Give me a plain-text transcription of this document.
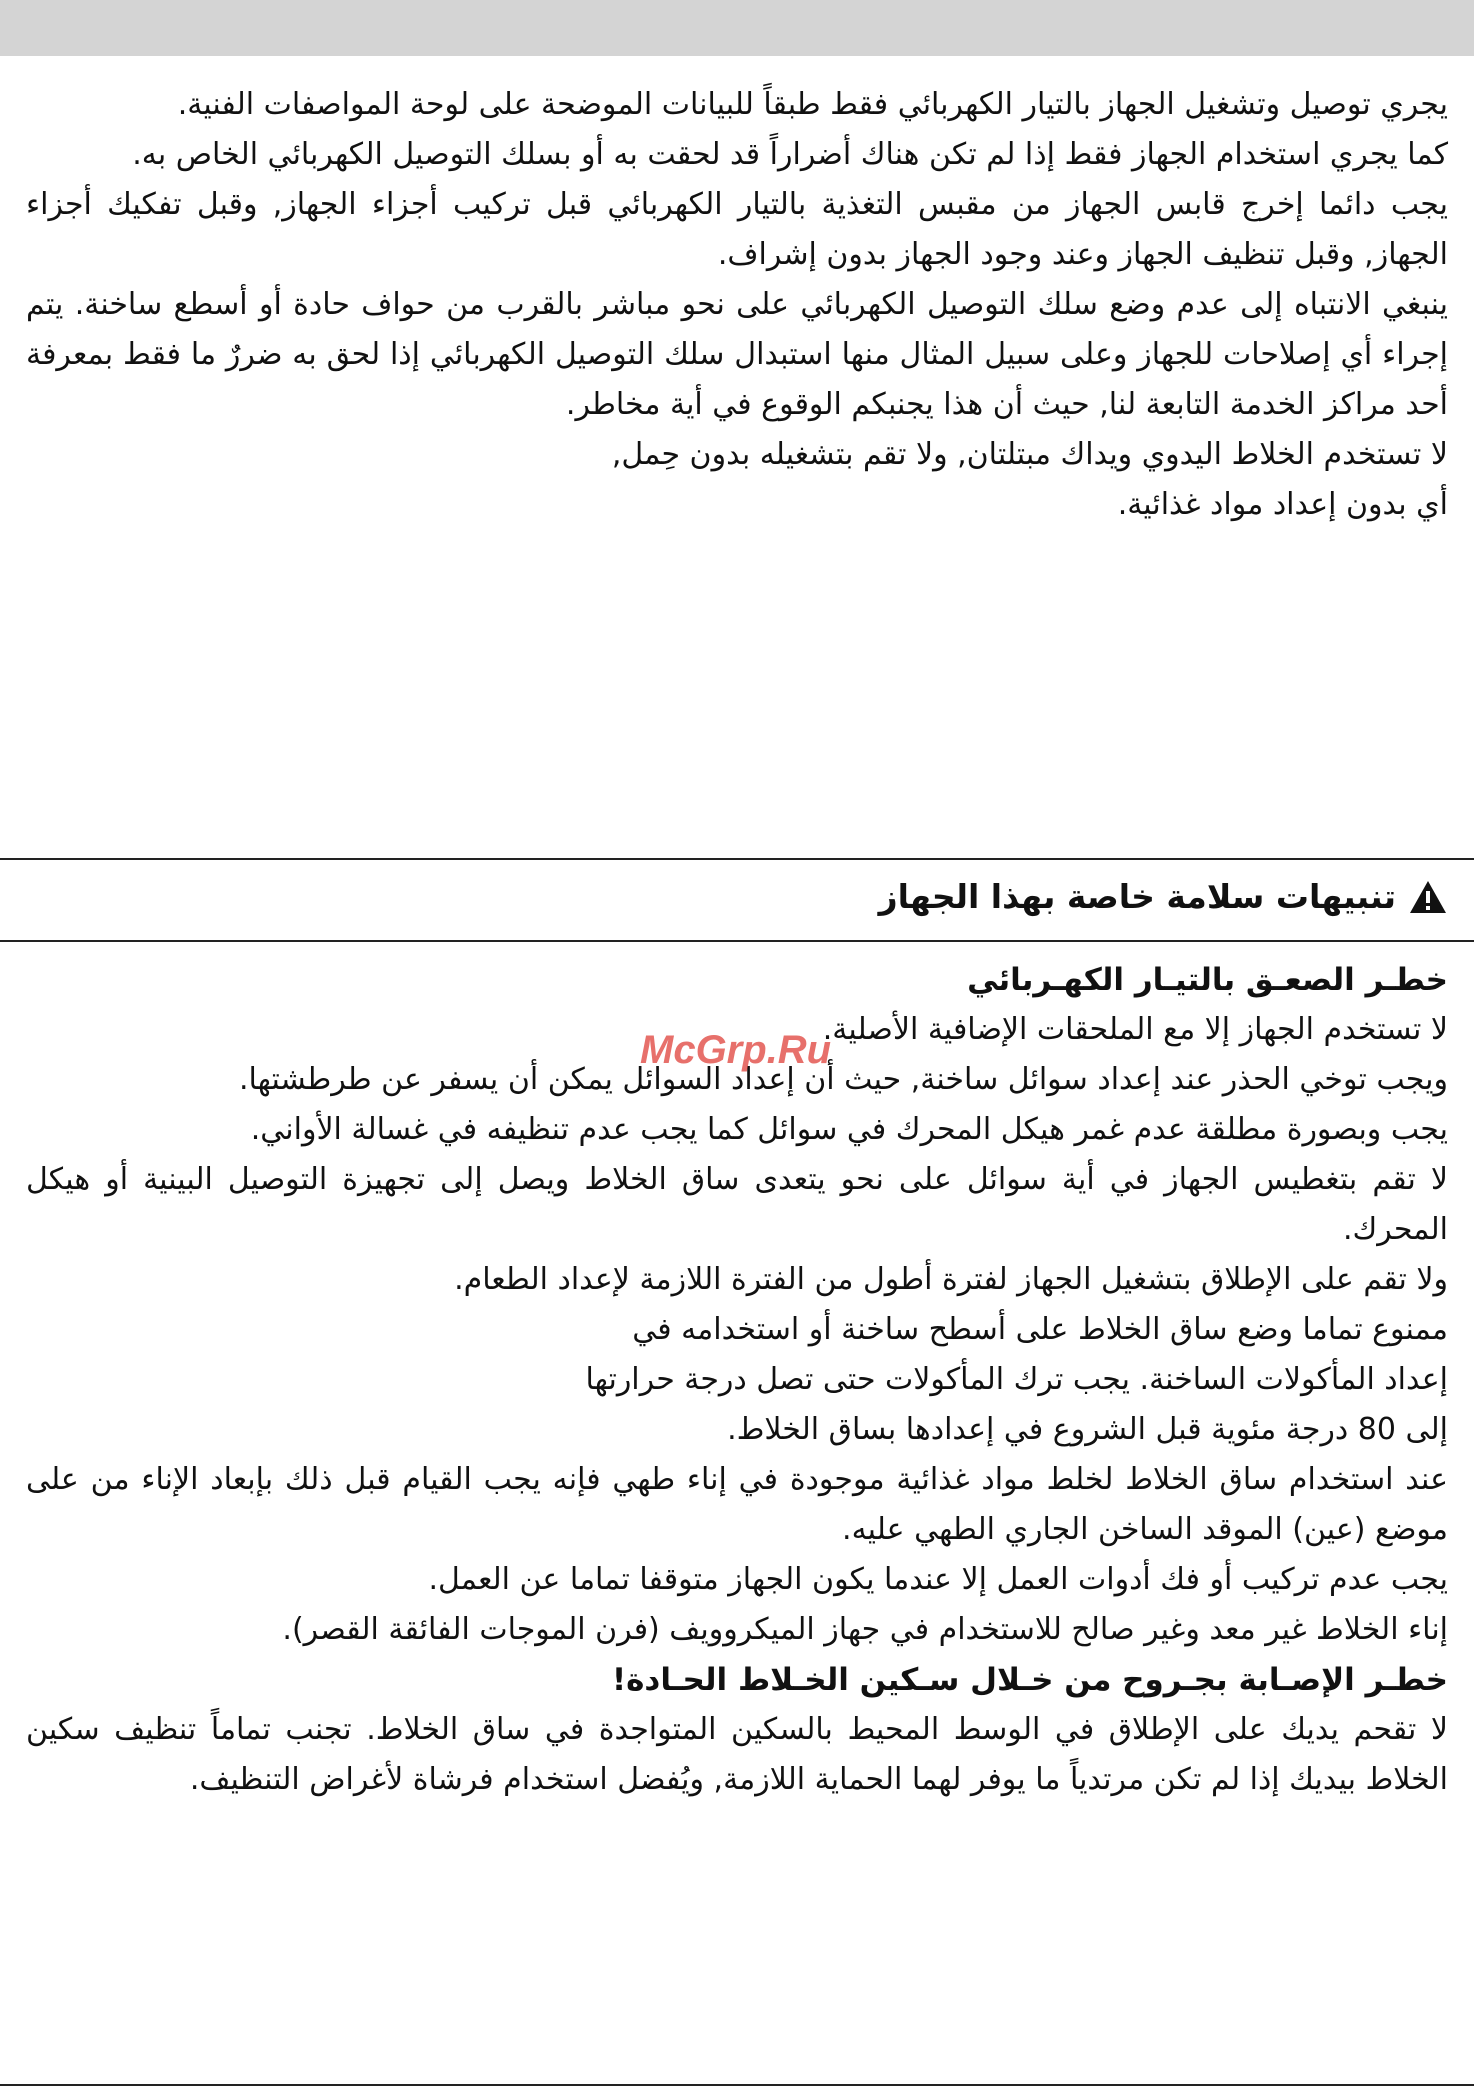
يجري توصيل وتشغيل الجهاز بالتيار الكهربائي فقط طبقاً للبيانات الموضحة على لوحة المواصفات الفنية.

كما يجري استخدام الجهاز فقط إذا لم تكن هناك أضراراً قد لحقت به أو بسلك التوصيل الكهربائي الخاص به.

يجب دائما إخرج قابس الجهاز من مقبس التغذية بالتيار الكهربائي قبل تركيب أجزاء الجهاز, وقبل تفكيك أجزاء الجهاز, وقبل تنظيف الجهاز وعند وجود الجهاز بدون إشراف.

ينبغي الانتباه إلى عدم وضع سلك التوصيل الكهربائي على نحو مباشر بالقرب من حواف حادة أو أسطع ساخنة. يتم إجراء أي إصلاحات للجهاز وعلى سبيل المثال منها استبدال سلك التوصيل الكهربائي إذا لحق به ضررٌ ما فقط بمعرفة أحد مراكز الخدمة التابعة لنا, حيث أن هذا يجنبكم الوقوع في أية مخاطر.

لا تستخدم الخلاط اليدوي ويداك مبتلتان, ولا تقم بتشغيله بدون حِمل,

أي بدون إعداد مواد غذائية.

تنبيهات سلامة خاصة بهذا الجهاز
خطـر الصعـق بالتيـار الكهـربائي

لا تستخدم الجهاز إلا مع الملحقات الإضافية الأصلية.

ويجب توخي الحذر عند إعداد سوائل ساخنة, حيث أن إعداد السوائل يمكن أن يسفر عن طرطشتها.

يجب وبصورة مطلقة عدم غمر هيكل المحرك في سوائل كما يجب عدم تنظيفه في غسالة الأواني.

لا تقم بتغطيس الجهاز في أية سوائل على نحو يتعدى ساق الخلاط ويصل إلى تجهيزة التوصيل البينية أو هيكل المحرك.

ولا تقم على الإطلاق بتشغيل الجهاز لفترة أطول من الفترة اللازمة لإعداد الطعام.

ممنوع تماما وضع ساق الخلاط على أسطح ساخنة أو استخدامه في

إعداد المأكولات الساخنة. يجب ترك المأكولات حتى تصل درجة حرارتها

إلى 80 درجة مئوية قبل الشروع في إعدادها بساق الخلاط.

عند استخدام ساق الخلاط لخلط مواد غذائية موجودة في إناء طهي فإنه يجب القيام قبل ذلك بإبعاد الإناء من على موضع (عين) الموقد الساخن الجاري الطهي عليه.

يجب عدم تركيب أو فك أدوات العمل إلا عندما يكون الجهاز متوقفا تماما عن العمل.

إناء الخلاط غير معد وغير صالح للاستخدام في جهاز الميكروويف (فرن الموجات الفائقة القصر).

خطـر الإصـابة بجـروح من خـلال سـكين الخـلاط الحـادة!

لا تقحم يديك على الإطلاق في الوسط المحيط بالسكين المتواجدة في ساق الخلاط. تجنب تماماً تنظيف سكين الخلاط بيديك إذا لم تكن مرتدياً ما يوفر لهما الحماية اللازمة, ويُفضل استخدام فرشاة لأغراض التنظيف.

McGrp.Ru
